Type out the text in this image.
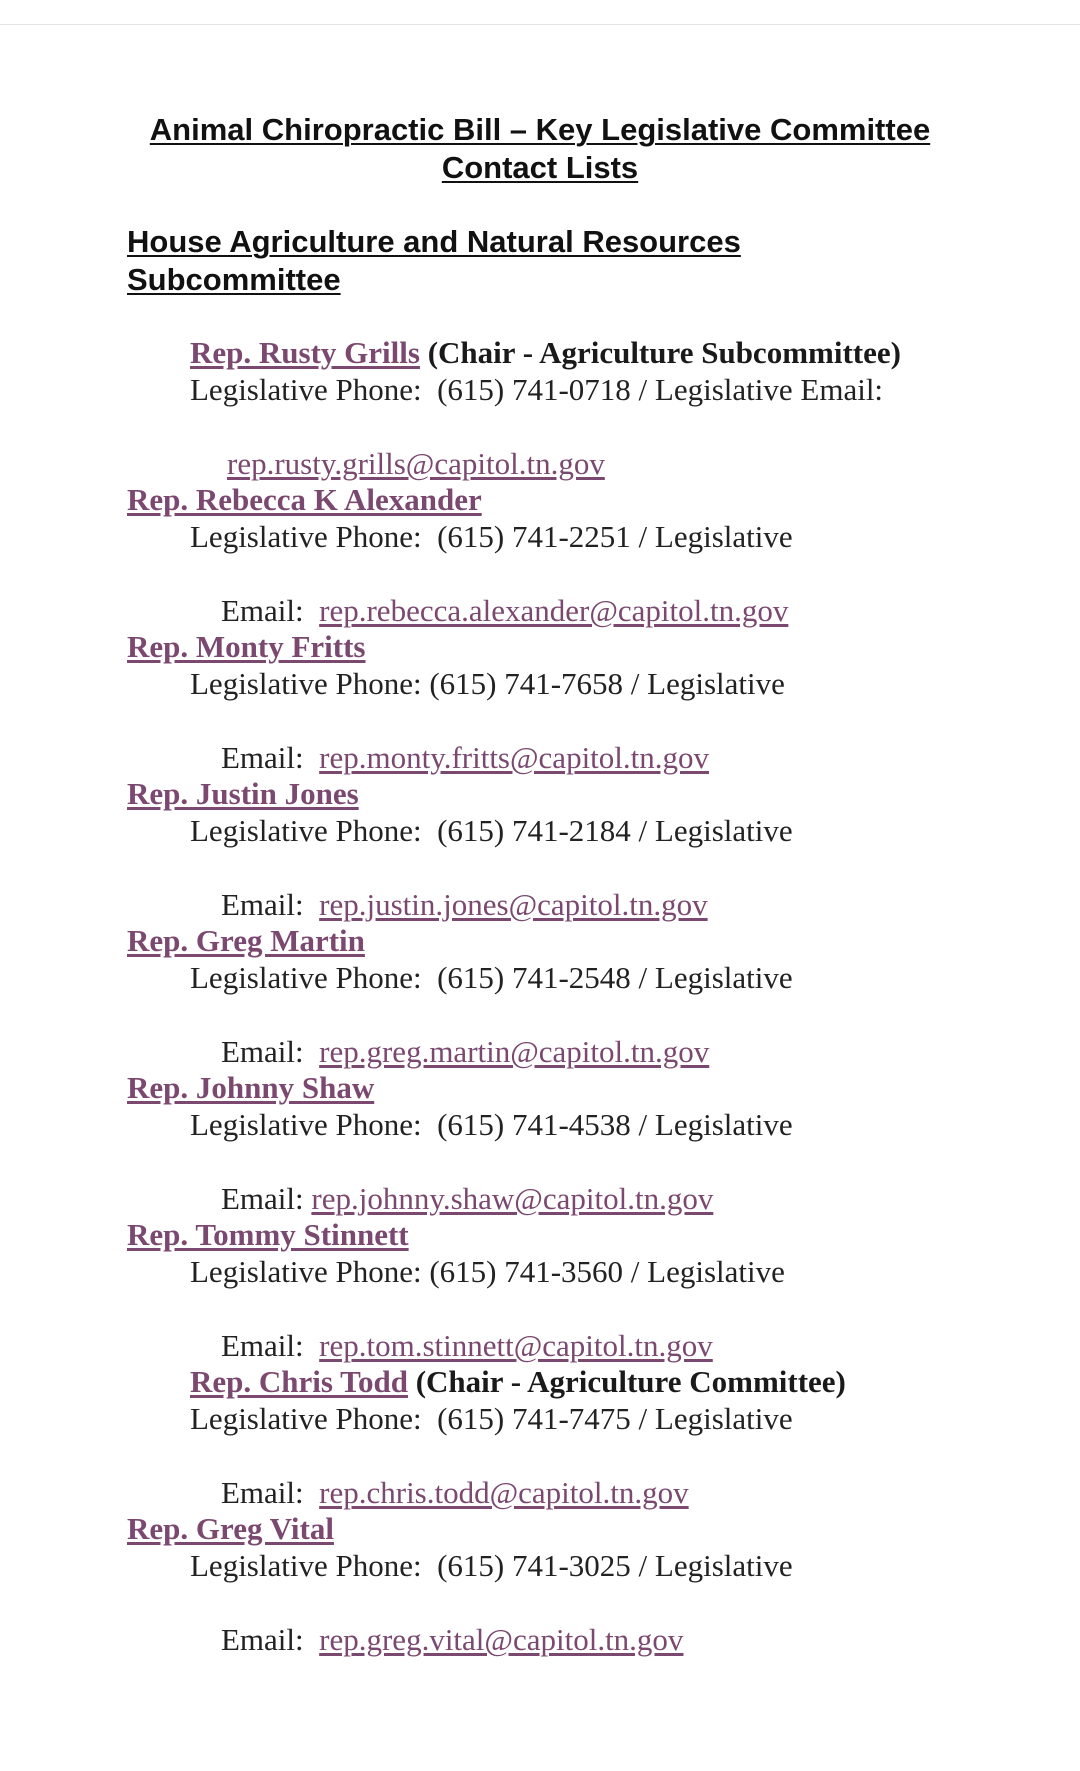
Animal Chiropractic Bill – Key Legislative Committee
Contact Lists
House Agriculture and Natural Resources
Subcommittee
Rep. Rusty Grills (Chair - Agriculture Subcommittee)
Legislative Phone:  (615) 741-0718 / Legislative Email:

rep.rusty.grills@capitol.tn.gov

Rep. Rebecca K Alexander
Legislative Phone:  (615) 741-2251 / Legislative

Email:  rep.rebecca.alexander@capitol.tn.gov

Rep. Monty Fritts
Legislative Phone: (615) 741-7658 / Legislative

Email:  rep.monty.fritts@capitol.tn.gov

Rep. Justin Jones
Legislative Phone:  (615) 741-2184 / Legislative

Email:  rep.justin.jones@capitol.tn.gov

Rep. Greg Martin
Legislative Phone:  (615) 741-2548 / Legislative

Email:  rep.greg.martin@capitol.tn.gov

Rep. Johnny Shaw
Legislative Phone:  (615) 741-4538 / Legislative

Email: rep.johnny.shaw@capitol.tn.gov

Rep. Tommy Stinnett
Legislative Phone: (615) 741-3560 / Legislative

Email:  rep.tom.stinnett@capitol.tn.gov

Rep. Chris Todd (Chair - Agriculture Committee)
Legislative Phone:  (615) 741-7475 / Legislative

Email:  rep.chris.todd@capitol.tn.gov

Rep. Greg Vital
Legislative Phone:  (615) 741-3025 / Legislative

Email:  rep.greg.vital@capitol.tn.gov
